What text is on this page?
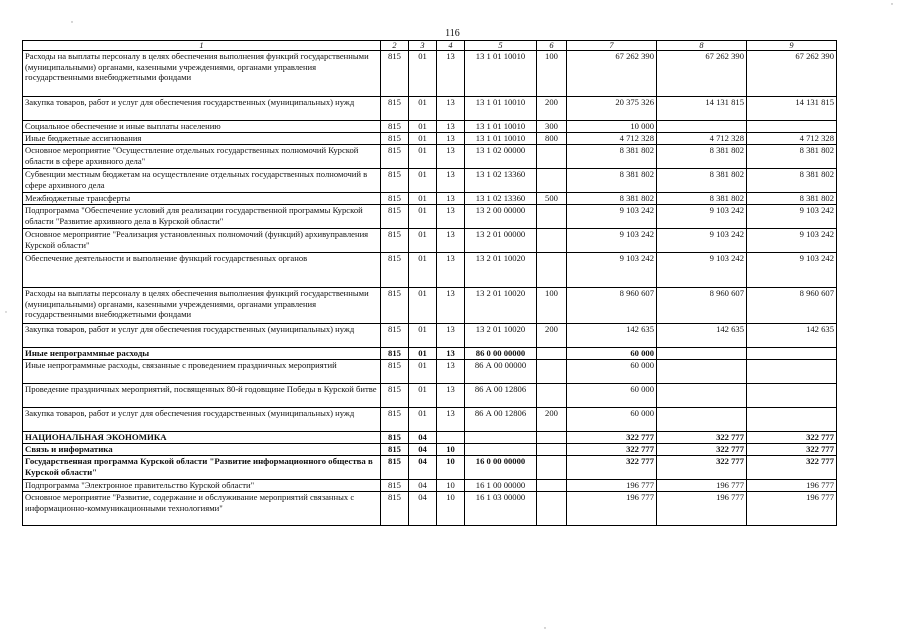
116
1	2	3	4	5	6	7	8	9
Расходы на выплаты персоналу в целях обеспечения выполнения функций государственными (муниципальными) органами, казенными учреждениями, органами управления государственными внебюджетными фондами	815	01	13	13 1 01 10010	100	67 262 390	67 262 390	67 262 390
Закупка товаров, работ и услуг для обеспечения государственных (муниципальных) нужд	815	01	13	13 1 01 10010	200	20 375 326	14 131 815	14 131 815
Социальное обеспечение и иные выплаты населению	815	01	13	13 1 01 10010	300	10 000		
Иные бюджетные ассигнования	815	01	13	13 1 01 10010	800	4 712 328	4 712 328	4 712 328
Основное мероприятие "Осуществление отдельных государственных полномочий Курской области в сфере архивного дела"	815	01	13	13 1 02 00000		8 381 802	8 381 802	8 381 802
Субвенции местным бюджетам на осуществление отдельных государственных полномочий в сфере архивного дела	815	01	13	13 1 02 13360		8 381 802	8 381 802	8 381 802
Межбюджетные трансферты	815	01	13	13 1 02 13360	500	8 381 802	8 381 802	8 381 802
Подпрограмма "Обеспечение условий для реализации государственной программы Курской области "Развитие архивного дела в Курской области"	815	01	13	13 2 00 00000		9 103 242	9 103 242	9 103 242
Основное мероприятие "Реализация установленных полномочий (функций) архивуправления Курской области"	815	01	13	13 2 01 00000		9 103 242	9 103 242	9 103 242
Обеспечение деятельности и выполнение функций государственных органов	815	01	13	13 2 01 10020		9 103 242	9 103 242	9 103 242
Расходы на выплаты персоналу в целях обеспечения выполнения функций государственными (муниципальными) органами, казенными учреждениями, органами управления государственными внебюджетными фондами	815	01	13	13 2 01 10020	100	8 960 607	8 960 607	8 960 607
Закупка товаров, работ и услуг для обеспечения государственных (муниципальных) нужд	815	01	13	13 2 01 10020	200	142 635	142 635	142 635
Иные непрограммные расходы	815	01	13	86 0 00 00000		60 000		
Иные непрограммные расходы, связанные с проведением праздничных мероприятий	815	01	13	86 А 00 00000		60 000		
Проведение праздничных мероприятий, посвященных 80-й годовщине Победы в Курской битве	815	01	13	86 А 00 12806		60 000		
Закупка товаров, работ и услуг для обеспечения государственных (муниципальных) нужд	815	01	13	86 А 00 12806	200	60 000		
НАЦИОНАЛЬНАЯ ЭКОНОМИКА	815	04				322 777	322 777	322 777
Связь и информатика	815	04	10			322 777	322 777	322 777
Государственная программа Курской области "Развитие информационного общества в Курской области"	815	04	10	16 0 00 00000		322 777	322 777	322 777
Подпрограмма "Электронное правительство Курской области"	815	04	10	16 1 00 00000		196 777	196 777	196 777
Основное мероприятие "Развитие, содержание и обслуживание мероприятий связанных с информационно-коммуникационными технологиями"	815	04	10	16 1 03 00000		196 777	196 777	196 777
